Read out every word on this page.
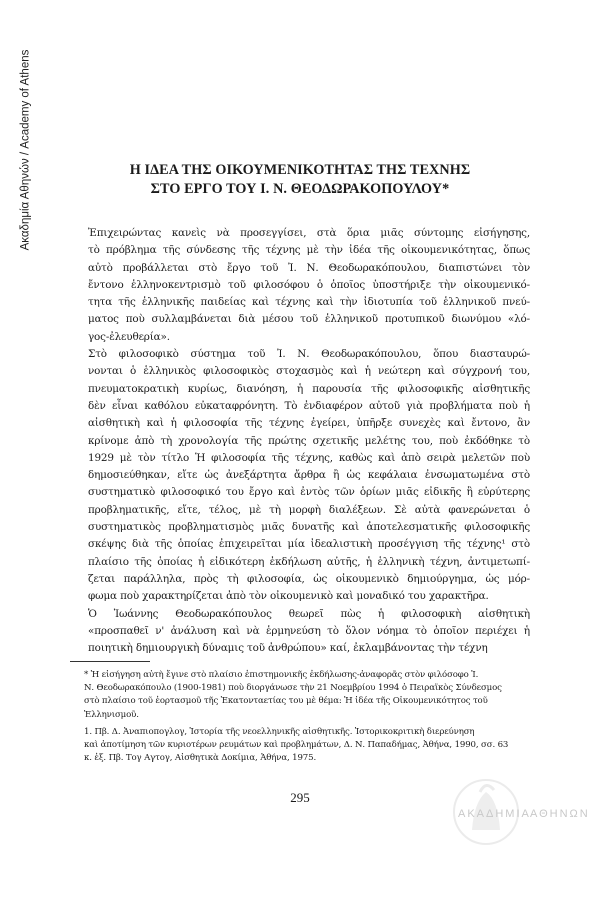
Ακαδημία Αθηνών / Academy of Athens	Η ΙΔΕΑ ΤΗΣ ΟΙΚΟΥΜΕΝΙΚΟΤΗΤΑΣ ΤΗΣ ΤΕΧΝΗΣ
ΣΤΟ ΕΡΓΟ ΤΟΥ Ι. Ν. ΘΕΟΔΩΡΑΚΟΠΟΥΛΟΥ*

Ἐπιχειρώντας κανεὶς νὰ προσεγγίσει, στὰ ὅρια μιᾶς σύντομης εἰσήγησης,
τὸ πρόβλημα τῆς σύνδεσης τῆς τέχνης μὲ τὴν ἰδέα τῆς οἰκουμενικότητας, ὅπως
αὐτὸ προβάλλεται στὸ ἔργο τοῦ Ἰ. Ν. Θεοδωρακόπουλου, διαπιστώνει τὸν
ἔντονο ἑλληνοκεντρισμὸ τοῦ φιλοσόφου ὁ ὁποῖος ὑποστήριξε τὴν οἰκουμενικό-
τητα τῆς ἑλληνικῆς παιδείας καὶ τέχνης καὶ τὴν ἰδιοτυπία τοῦ ἑλληνικοῦ πνεύ-
ματος ποὺ συλλαμβάνεται διὰ μέσου τοῦ ἑλληνικοῦ προτυπικοῦ διωνύμου «λό-
γος-ἐλευθερία».

Στὸ φιλοσοφικὸ σύστημα τοῦ Ἰ. Ν. Θεοδωρακόπουλου, ὅπου διασταυρώ-
νονται ὁ ἑλληνικὸς φιλοσοφικὸς στοχασμὸς καὶ ἡ νεώτερη καὶ σύγχρονή του,
πνευματοκρατικὴ κυρίως, διανόηση, ἡ παρουσία τῆς φιλοσοφικῆς αἰσθητικῆς
δὲν εἶναι καθόλου εὐκαταφρόνητη. Τὸ ἐνδιαφέρον αὐτοῦ γιὰ προβλήματα ποὺ ἡ
αἰσθητικὴ καὶ ἡ φιλοσοφία τῆς τέχνης ἐγείρει, ὑπῆρξε συνεχὲς καὶ ἔντονο, ἂν
κρίνομε ἀπὸ τὴ χρονολογία τῆς πρώτης σχετικῆς μελέτης του, ποὺ ἐκδόθηκε τὸ
1929 μὲ τὸν τίτλο Ἡ φιλοσοφία τῆς τέχνης, καθὼς καὶ ἀπὸ σειρὰ μελετῶν ποὺ
δημοσιεύθηκαν, εἴτε ὡς ἀνεξάρτητα ἄρθρα ἢ ὡς κεφάλαια ἐνσωματωμένα στὸ
συστηματικὸ φιλοσοφικό του ἔργο καὶ ἐντὸς τῶν ὁρίων μιᾶς εἰδικῆς ἢ εὐρύτερης
προβληματικῆς, εἴτε, τέλος, μὲ τὴ μορφὴ διαλέξεων. Σὲ αὐτὰ φανερώνεται ὁ
συστηματικὸς προβληματισμὸς μιᾶς δυνατῆς καὶ ἀποτελεσματικῆς φιλοσοφικῆς
σκέψης διὰ τῆς ὁποίας ἐπιχειρεῖται μία ἰδεαλιστικὴ προσέγγιση τῆς τέχνης¹ στὸ
πλαίσιο τῆς ὁποίας ἡ εἰδικότερη ἐκδήλωση αὐτῆς, ἡ ἑλληνικὴ τέχνη, ἀντιμετωπί-
ζεται παράλληλα, πρὸς τὴ φιλοσοφία, ὡς οἰκουμενικὸ δημιούργημα, ὡς μόρ-
φωμα ποὺ χαρακτηρίζεται ἀπὸ τὸν οἰκουμενικὸ καὶ μοναδικό του χαρακτῆρα.

Ὁ Ἰωάννης Θεοδωρακόπουλος θεωρεῖ πὼς ἡ φιλοσοφικὴ αἰσθητικὴ
«προσπαθεῖ ν' ἀνάλυση καὶ νὰ ἑρμηνεύση τὸ ὅλον νόημα τὸ ὁποῖον περιέχει ἡ
ποιητικὴ δημιουργικὴ δύναμις τοῦ ἀνθρώπου» καί, ἐκλαμβάνοντας τὴν τέχνη

* Ἡ εἰσήγηση αὐτὴ ἔγινε στὸ πλαίσιο ἐπιστημονικῆς ἐκδήλωσης-ἀναφορᾶς στὸν φιλόσοφο Ἰ.
Ν. Θεοδωρακόπουλο (1900-1981) ποὺ διοργάνωσε τὴν 21 Νοεμβρίου 1994 ὁ Πειραϊκὸς Σύνδεσμος
στὸ πλαίσιο τοῦ ἑορτασμοῦ τῆς Ἑκατονταετίας του μὲ θέμα: Ἡ ἰδέα τῆς Οἰκουμενικότητος τοῦ
Ἑλληνισμοῦ.

1. Πβ. Δ. Ἀναπιοπογλογ, Ἱστορία τῆς νεοελληνικῆς αἰσθητικῆς. Ἱστορικοκριτικὴ διερεύνηση
καὶ ἀποτίμηση τῶν κυριοτέρων ρευμάτων καὶ προβλημάτων, Δ. Ν. Παπαδήμας, Ἀθήνα, 1990, σσ. 63
κ. ἑξ. Πβ. Τογ Αγτογ, Αἰσθητικὰ Δοκίμια, Ἀθήνα, 1975.

295
ΑΚΑΔΗΜΙΑ ΑΘΗΝΩΝ
